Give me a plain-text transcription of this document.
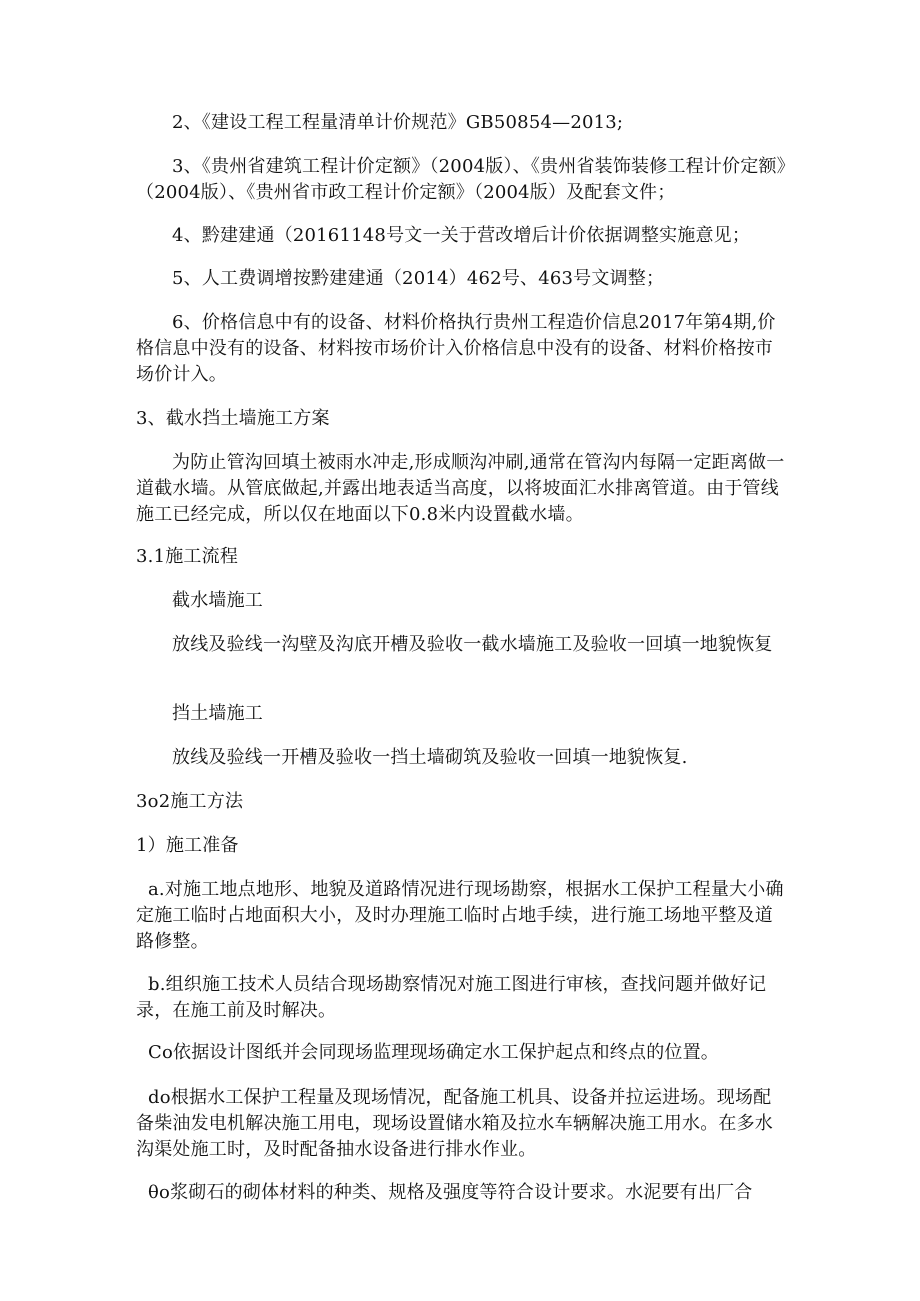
2、《建设工程工程量清单计价规范》GB50854—2013;

3、《贵州省建筑工程计价定额》（2004版）、《贵州省装饰装修工程计价定额》（2004版）、《贵州省市政工程计价定额》（2004版）及配套文件；

4、黔建建通（20161148号文一关于营改增后计价依据调整实施意见；

5、人工费调增按黔建建通（2014）462号、463号文调整；

6、价格信息中有的设备、材料价格执行贵州工程造价信息2017年第4期,价格信息中没有的设备、材料按市场价计入价格信息中没有的设备、材料价格按市场价计入。

3、截水挡土墙施工方案

为防止管沟回填土被雨水冲走,形成顺沟冲刷,通常在管沟内每隔一定距离做一道截水墙。从管底做起,并露出地表适当高度，以将坡面汇水排离管道。由于管线施工已经完成，所以仅在地面以下0.8米内设置截水墙。

3.1施工流程

截水墙施工

放线及验线一沟壁及沟底开槽及验收一截水墙施工及验收一回填一地貌恢复

挡土墙施工

放线及验线一开槽及验收一挡土墙砌筑及验收一回填一地貌恢复.

3o2施工方法

1）施工准备

a.对施工地点地形、地貌及道路情况进行现场勘察，根据水工保护工程量大小确定施工临时占地面积大小，及时办理施工临时占地手续，进行施工场地平整及道路修整。

b.组织施工技术人员结合现场勘察情况对施工图进行审核，查找问题并做好记录，在施工前及时解决。

Co依据设计图纸并会同现场监理现场确定水工保护起点和终点的位置。

do根据水工保护工程量及现场情况，配备施工机具、设备并拉运进场。现场配备柴油发电机解决施工用电，现场设置储水箱及拉水车辆解决施工用水。在多水沟渠处施工时，及时配备抽水设备进行排水作业。

θo浆砌石的砌体材料的种类、规格及强度等符合设计要求。水泥要有出厂合
